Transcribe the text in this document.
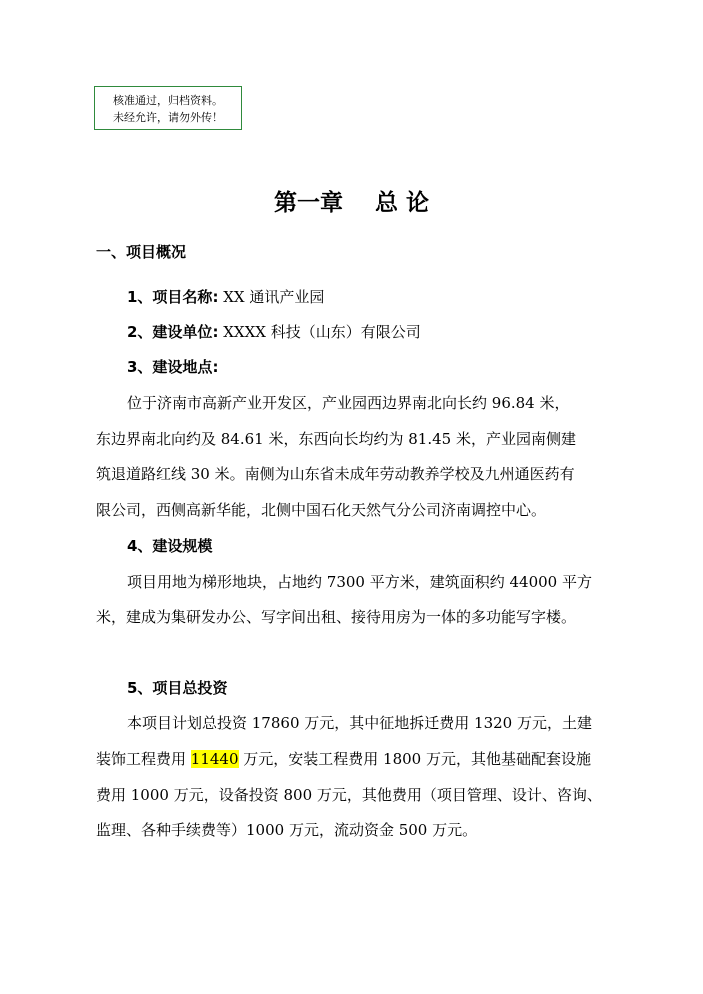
核准通过，归档资料。
未经允许，请勿外传！
第一章    总 论
一、项目概况
1、项目名称: XX 通讯产业园
2、建设单位: XXXX 科技（山东）有限公司
3、建设地点:
位于济南市高新产业开发区，产业园西边界南北向长约 96.84 米，
东边界南北向约及 84.61 米，东西向长均约为 81.45 米，产业园南侧建
筑退道路红线 30 米。南侧为山东省未成年劳动教养学校及九州通医药有
限公司，西侧高新华能，北侧中国石化天然气分公司济南调控中心。
4、建设规模
项目用地为梯形地块，占地约 7300 平方米，建筑面积约 44000 平方
米，建成为集研发办公、写字间出租、接待用房为一体的多功能写字楼。
5、项目总投资
本项目计划总投资 17860 万元，其中征地拆迁费用 1320 万元，土建
装饰工程费用 11440 万元，安装工程费用 1800 万元，其他基础配套设施
费用 1000 万元，设备投资 800 万元，其他费用（项目管理、设计、咨询、
监理、各种手续费等）1000 万元，流动资金 500 万元。
